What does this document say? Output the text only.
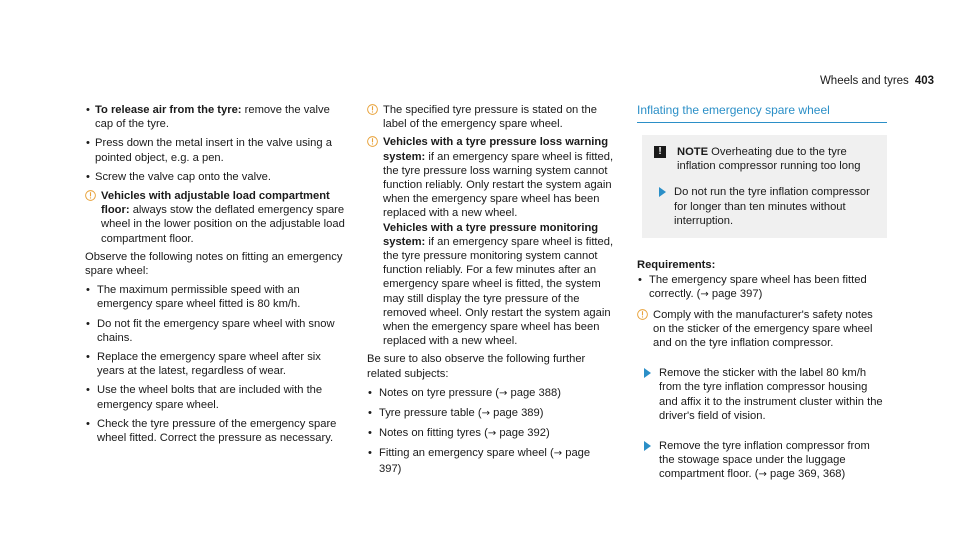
Wheels and tyres 403
• To release air from the tyre: remove the valve cap of the tyre.
• Press down the metal insert in the valve using a pointed object, e.g. a pen.
• Screw the valve cap onto the valve.
Vehicles with adjustable load compartment floor: always stow the deflated emergency spare wheel in the lower position on the adjustable load compartment floor.

Observe the following notes on fitting an emergency spare wheel:

• The maximum permissible speed with an emergency spare wheel fitted is 80 km/h.
• Do not fit the emergency spare wheel with snow chains.
• Replace the emergency spare wheel after six years at the latest, regardless of wear.
• Use the wheel bolts that are included with the emergency spare wheel.
• Check the tyre pressure of the emergency spare wheel fitted. Correct the pressure as necessary.
The specified tyre pressure is stated on the label of the emergency spare wheel.
Vehicles with a tyre pressure loss warning system: if an emergency spare wheel is fitted, the tyre pressure loss warning system cannot function reliably. Only restart the system again when the emergency spare wheel has been replaced with a new wheel.
Vehicles with a tyre pressure monitoring system: if an emergency spare wheel is fitted, the tyre pressure monitoring system cannot function reliably. For a few minutes after an emergency spare wheel is fitted, the system may still display the tyre pressure of the removed wheel. Only restart the system again when the emergency spare wheel has been replaced with a new wheel.

Be sure to also observe the following further related subjects:

• Notes on tyre pressure (→ page 388)
• Tyre pressure table (→ page 389)
• Notes on fitting tyres (→ page 392)
• Fitting an emergency spare wheel (→ page 397)

Inflating the emergency spare wheel

!	NOTE Overheating due to the tyre inflation compressor running too long
Do not run the tyre inflation compressor for longer than ten minutes without interruption.

Requirements:

• The emergency spare wheel has been fitted correctly. (→ page 397)
Comply with the manufacturer's safety notes on the sticker of the emergency spare wheel and on the tyre inflation compressor.
Remove the sticker with the label 80 km/h from the tyre inflation compressor housing and affix it to the instrument cluster within the driver's field of vision.
Remove the tyre inflation compressor from the stowage space under the luggage compartment floor. (→ page 369, 368)
